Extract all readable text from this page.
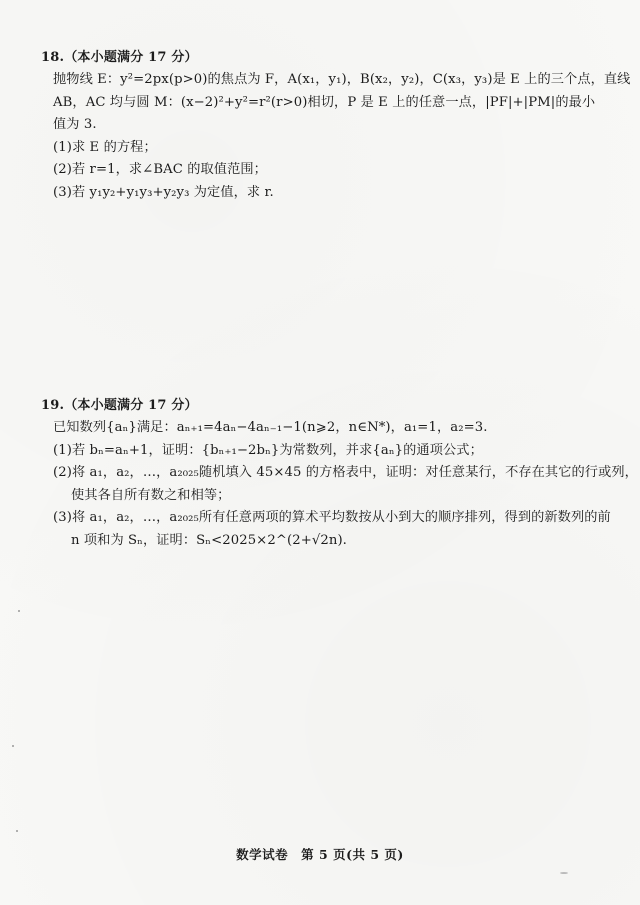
18.（本小题满分 17 分）
抛物线 E：y²=2px(p>0)的焦点为 F，A(x₁，y₁)，B(x₂，y₂)，C(x₃，y₃)是 E 上的三个点，直线
AB，AC 均与圆 M：(x−2)²+y²=r²(r>0)相切，P 是 E 上的任意一点，|PF|+|PM|的最小
值为 3.
(1)求 E 的方程；
(2)若 r=1，求∠BAC 的取值范围；
(3)若 y₁y₂+y₁y₃+y₂y₃ 为定值，求 r.
19.（本小题满分 17 分）
已知数列{aₙ}满足：aₙ₊₁=4aₙ−4aₙ₋₁−1(n⩾2，n∈N*)，a₁=1，a₂=3.
(1)若 bₙ=aₙ+1，证明：{bₙ₊₁−2bₙ}为常数列，并求{aₙ}的通项公式；
(2)将 a₁，a₂，…，a₂₀₂₅随机填入 45×45 的方格表中，证明：对任意某行，不存在其它的行或列，
使其各自所有数之和相等；
(3)将 a₁，a₂，…，a₂₀₂₅所有任意两项的算术平均数按从小到大的顺序排列，得到的新数列的前
n 项和为 Sₙ，证明：Sₙ<2025×2^(2+√2n).
数学试卷　第 5 页(共 5 页)
